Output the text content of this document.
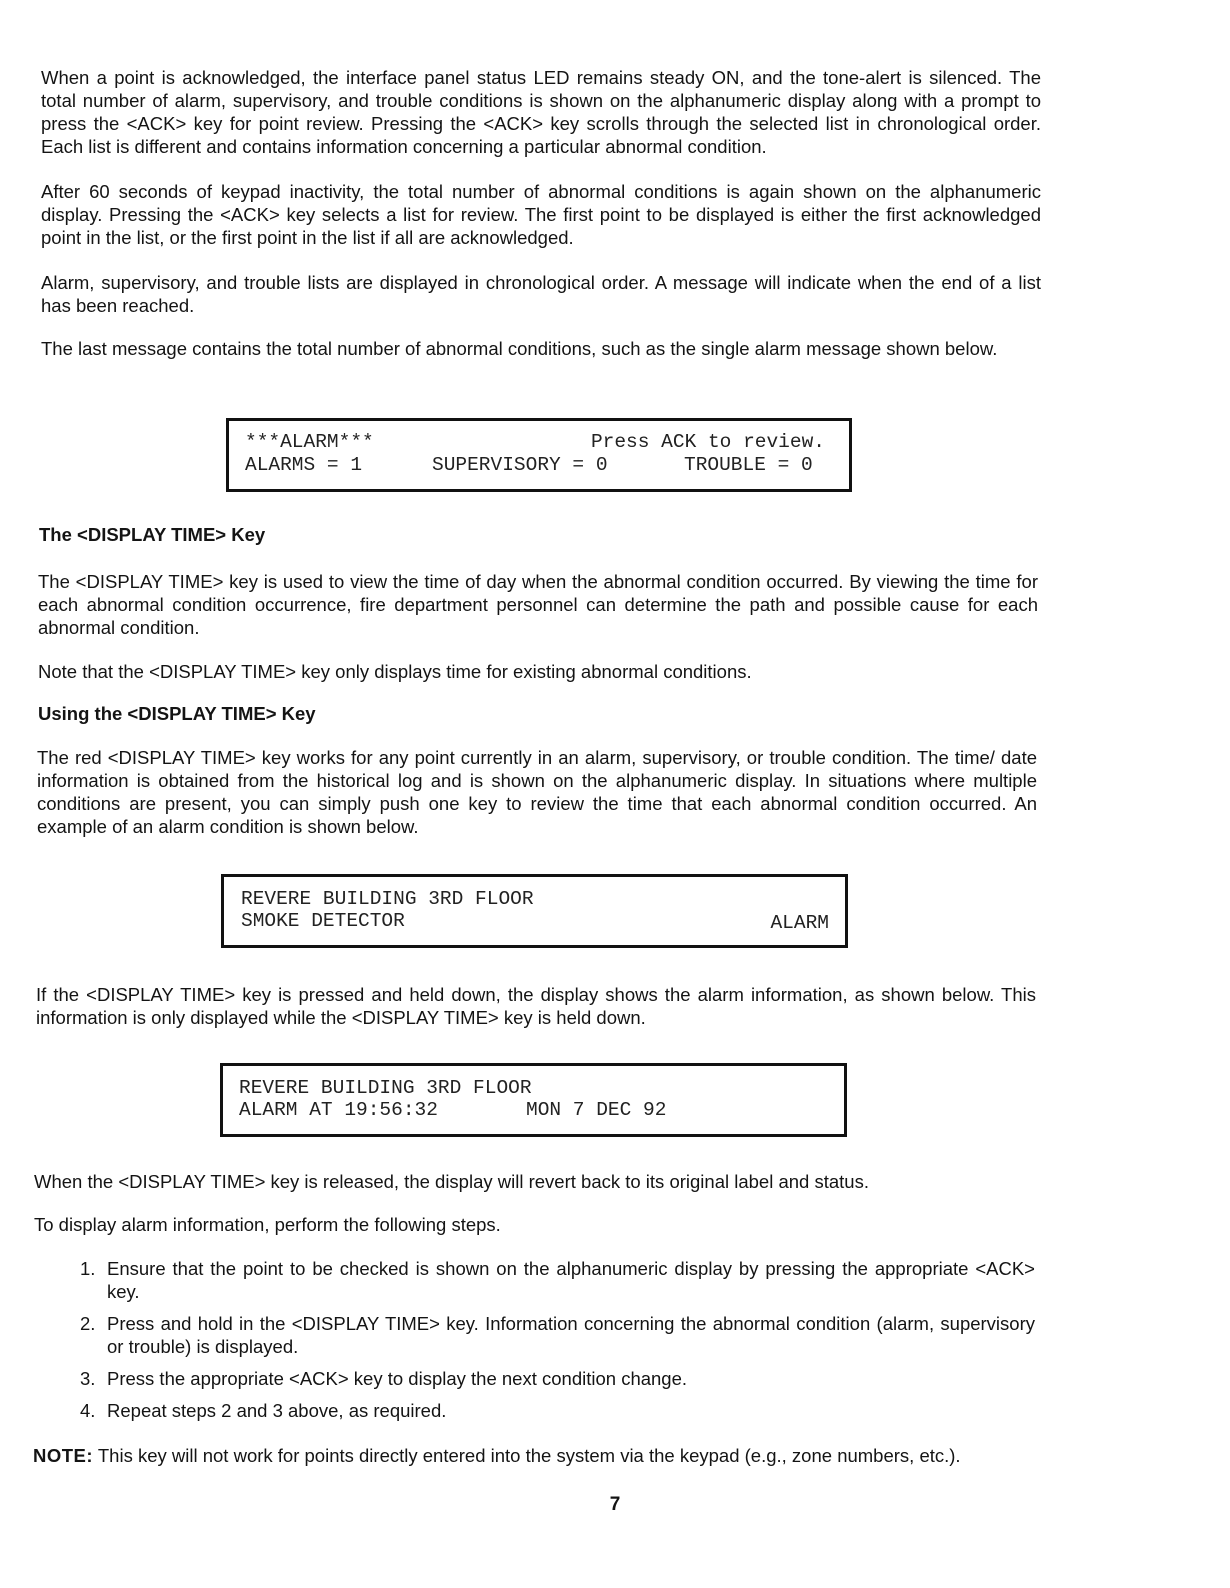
When a point is acknowledged, the interface panel status LED remains steady ON, and the tone-alert is silenced. The total number of alarm, supervisory, and trouble conditions is shown on the alphanumeric display along with a prompt to press the <ACK> key for point review. Pressing the <ACK> key scrolls through the selected list in chronological order. Each list is different and contains information concerning a particular abnormal condition.

After 60 seconds of keypad inactivity, the total number of abnormal conditions is again shown on the alphanumeric display. Pressing the <ACK> key selects a list for review. The first point to be displayed is either the first acknowledged point in the list, or the first point in the list if all are acknowledged.

Alarm, supervisory, and trouble lists are displayed in chronological order. A message will indicate when the end of a list has been reached.

The last message contains the total number of abnormal conditions, such as the single alarm message shown below.

***ALARM***	Press ACK to review.
ALARMS = 1	SUPERVISORY = 0	TROUBLE = 0
The <DISPLAY TIME> Key

The <DISPLAY TIME> key is used to view the time of day when the abnormal condition occurred. By viewing the time for each abnormal condition occurrence, fire department personnel can determine the path and possible cause for each abnormal condition.

Note that the <DISPLAY TIME> key only displays time for existing abnormal conditions.

Using the <DISPLAY TIME> Key

The red <DISPLAY TIME> key works for any point currently in an alarm, supervisory, or trouble condition. The time/ date information is obtained from the historical log and is shown on the alphanumeric display. In situations where multiple conditions are present, you can simply push one key to review the time that each abnormal condition occurred. An example of an alarm condition is shown below.

REVERE BUILDING 3RD FLOOR
SMOKE DETECTOR	ALARM

If the <DISPLAY TIME> key is pressed and held down, the display shows the alarm information, as shown below. This information is only displayed while the <DISPLAY TIME> key is held down.

REVERE BUILDING 3RD FLOOR
ALARM AT 19:56:32	MON 7 DEC 92

When the <DISPLAY TIME> key is released, the display will revert back to its original label and status.

To display alarm information, perform the following steps.

1. Ensure that the point to be checked is shown on the alphanumeric display by pressing the appropriate <ACK> key.

2. Press and hold in the <DISPLAY TIME> key. Information concerning the abnormal condition (alarm, supervisory or trouble) is displayed.

3. Press the appropriate <ACK> key to display the next condition change.

4. Repeat steps 2 and 3 above, as required.

NOTE: This key will not work for points directly entered into the system via the keypad (e.g., zone numbers, etc.).
7
